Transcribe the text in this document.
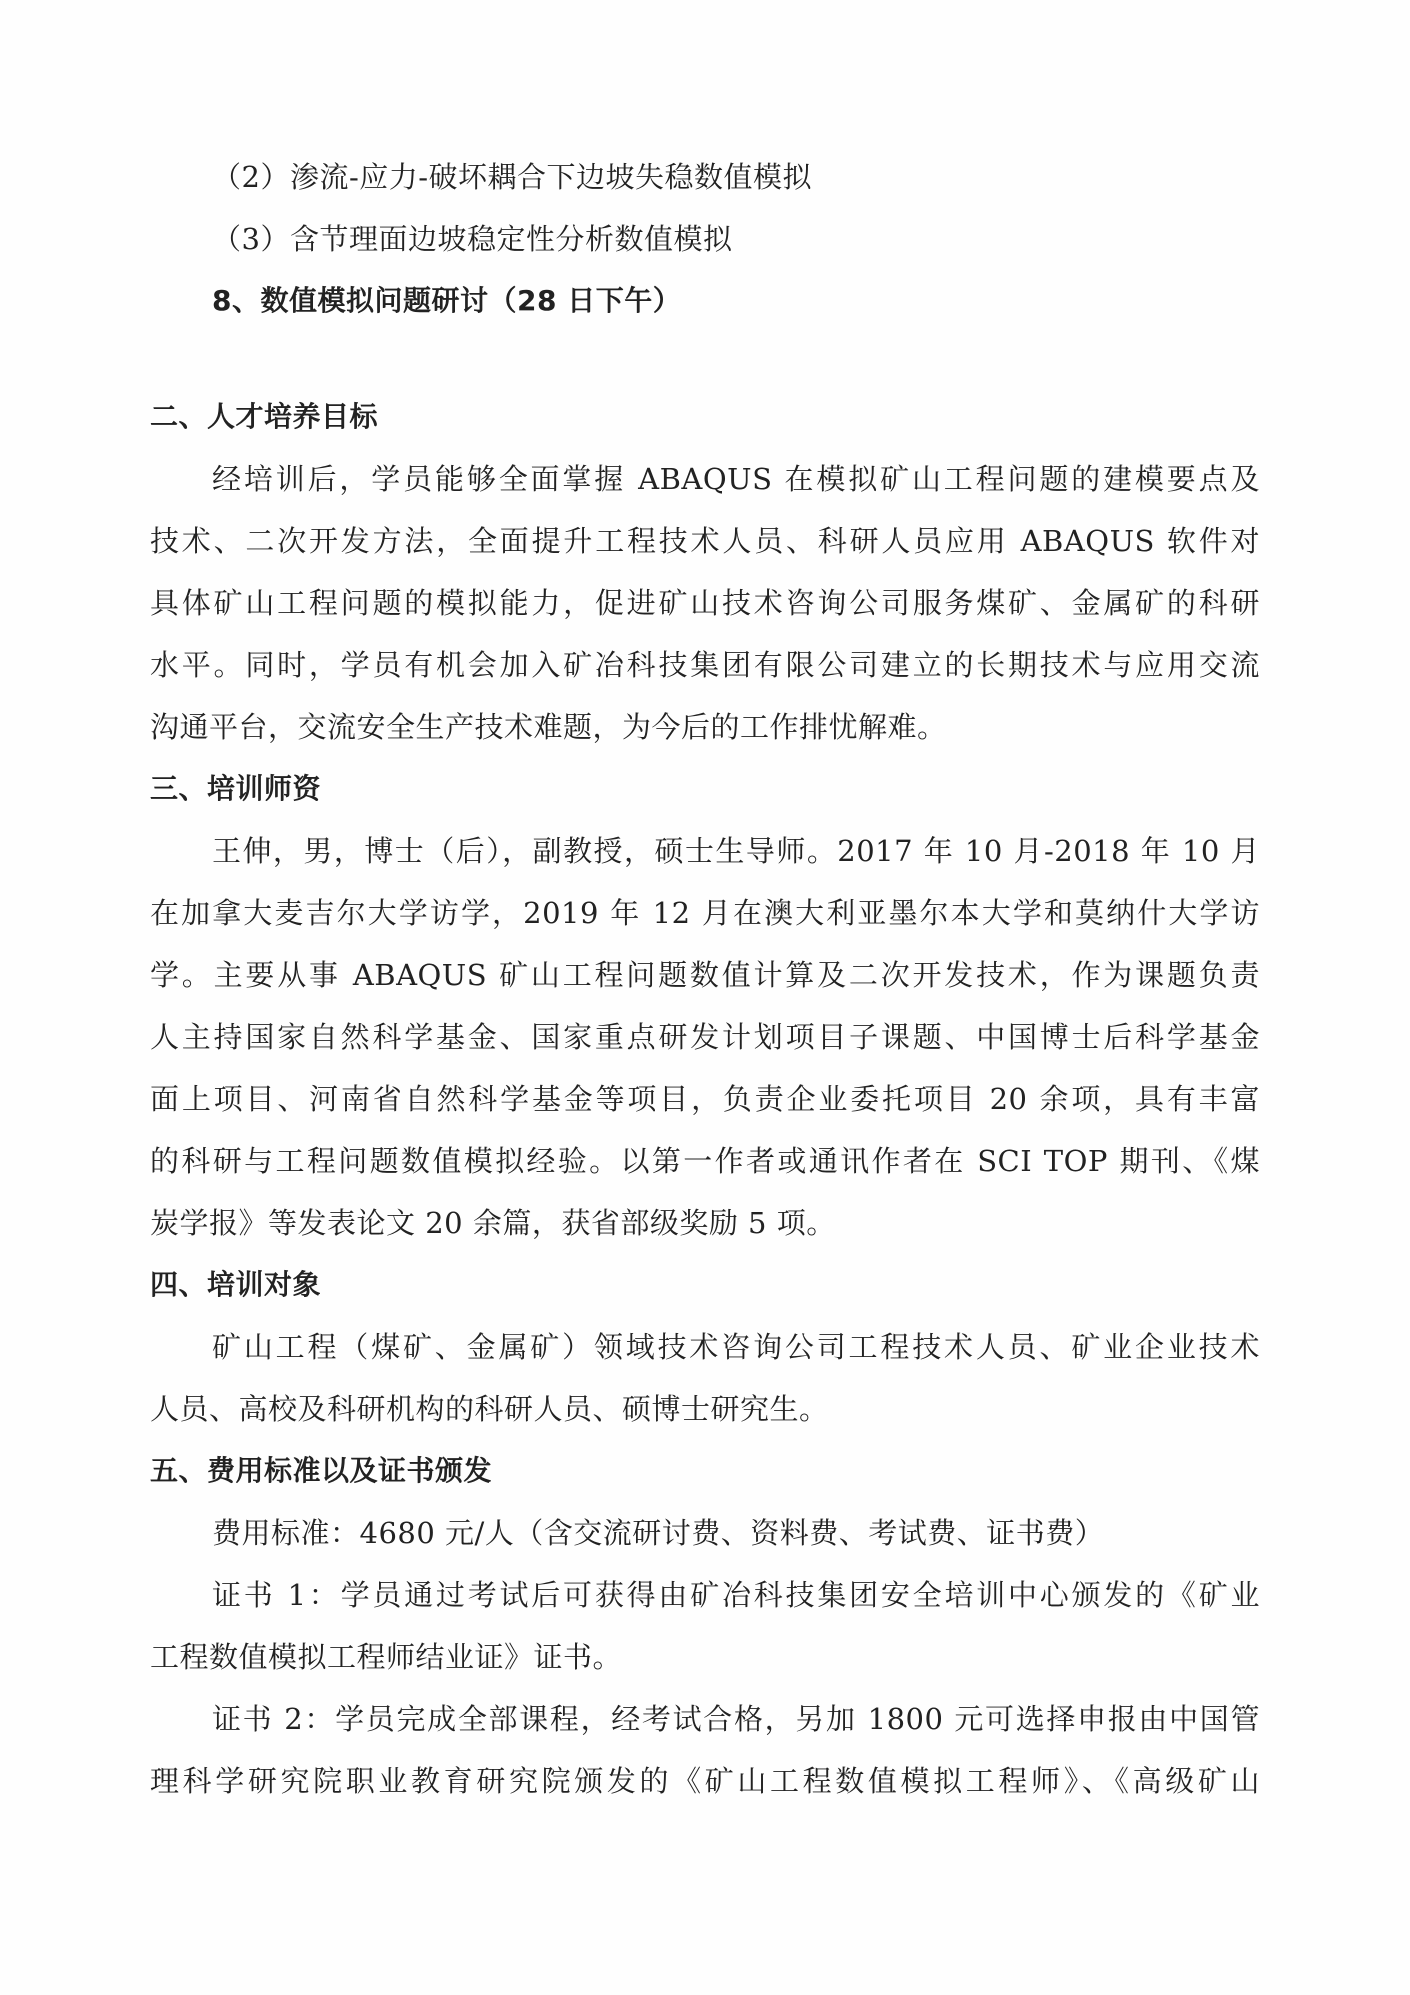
（2）渗流-应力-破坏耦合下边坡失稳数值模拟
（3）含节理面边坡稳定性分析数值模拟
8、数值模拟问题研讨（28 日下午）
二、人才培养目标
经培训后，学员能够全面掌握 ABAQUS 在模拟矿山工程问题的建模要点及
技术、二次开发方法，全面提升工程技术人员、科研人员应用 ABAQUS 软件对
具体矿山工程问题的模拟能力，促进矿山技术咨询公司服务煤矿、金属矿的科研
水平。同时，学员有机会加入矿冶科技集团有限公司建立的长期技术与应用交流
沟通平台，交流安全生产技术难题，为今后的工作排忧解难。
三、培训师资
王伸，男，博士（后），副教授，硕士生导师。2017 年 10 月-2018 年 10 月
在加拿大麦吉尔大学访学，2019 年 12 月在澳大利亚墨尔本大学和莫纳什大学访
学。主要从事 ABAQUS 矿山工程问题数值计算及二次开发技术，作为课题负责
人主持国家自然科学基金、国家重点研发计划项目子课题、中国博士后科学基金
面上项目、河南省自然科学基金等项目，负责企业委托项目 20 余项，具有丰富
的科研与工程问题数值模拟经验。以第一作者或通讯作者在 SCI TOP 期刊、《煤
炭学报》等发表论文 20 余篇，获省部级奖励 5 项。
四、培训对象
矿山工程（煤矿、金属矿）领域技术咨询公司工程技术人员、矿业企业技术
人员、高校及科研机构的科研人员、硕博士研究生。
五、费用标准以及证书颁发
费用标准：4680 元/人（含交流研讨费、资料费、考试费、证书费）
证书 1：学员通过考试后可获得由矿冶科技集团安全培训中心颁发的《矿业
工程数值模拟工程师结业证》证书。
证书 2：学员完成全部课程，经考试合格，另加 1800 元可选择申报由中国管
理科学研究院职业教育研究院颁发的《矿山工程数值模拟工程师》、《高级矿山
